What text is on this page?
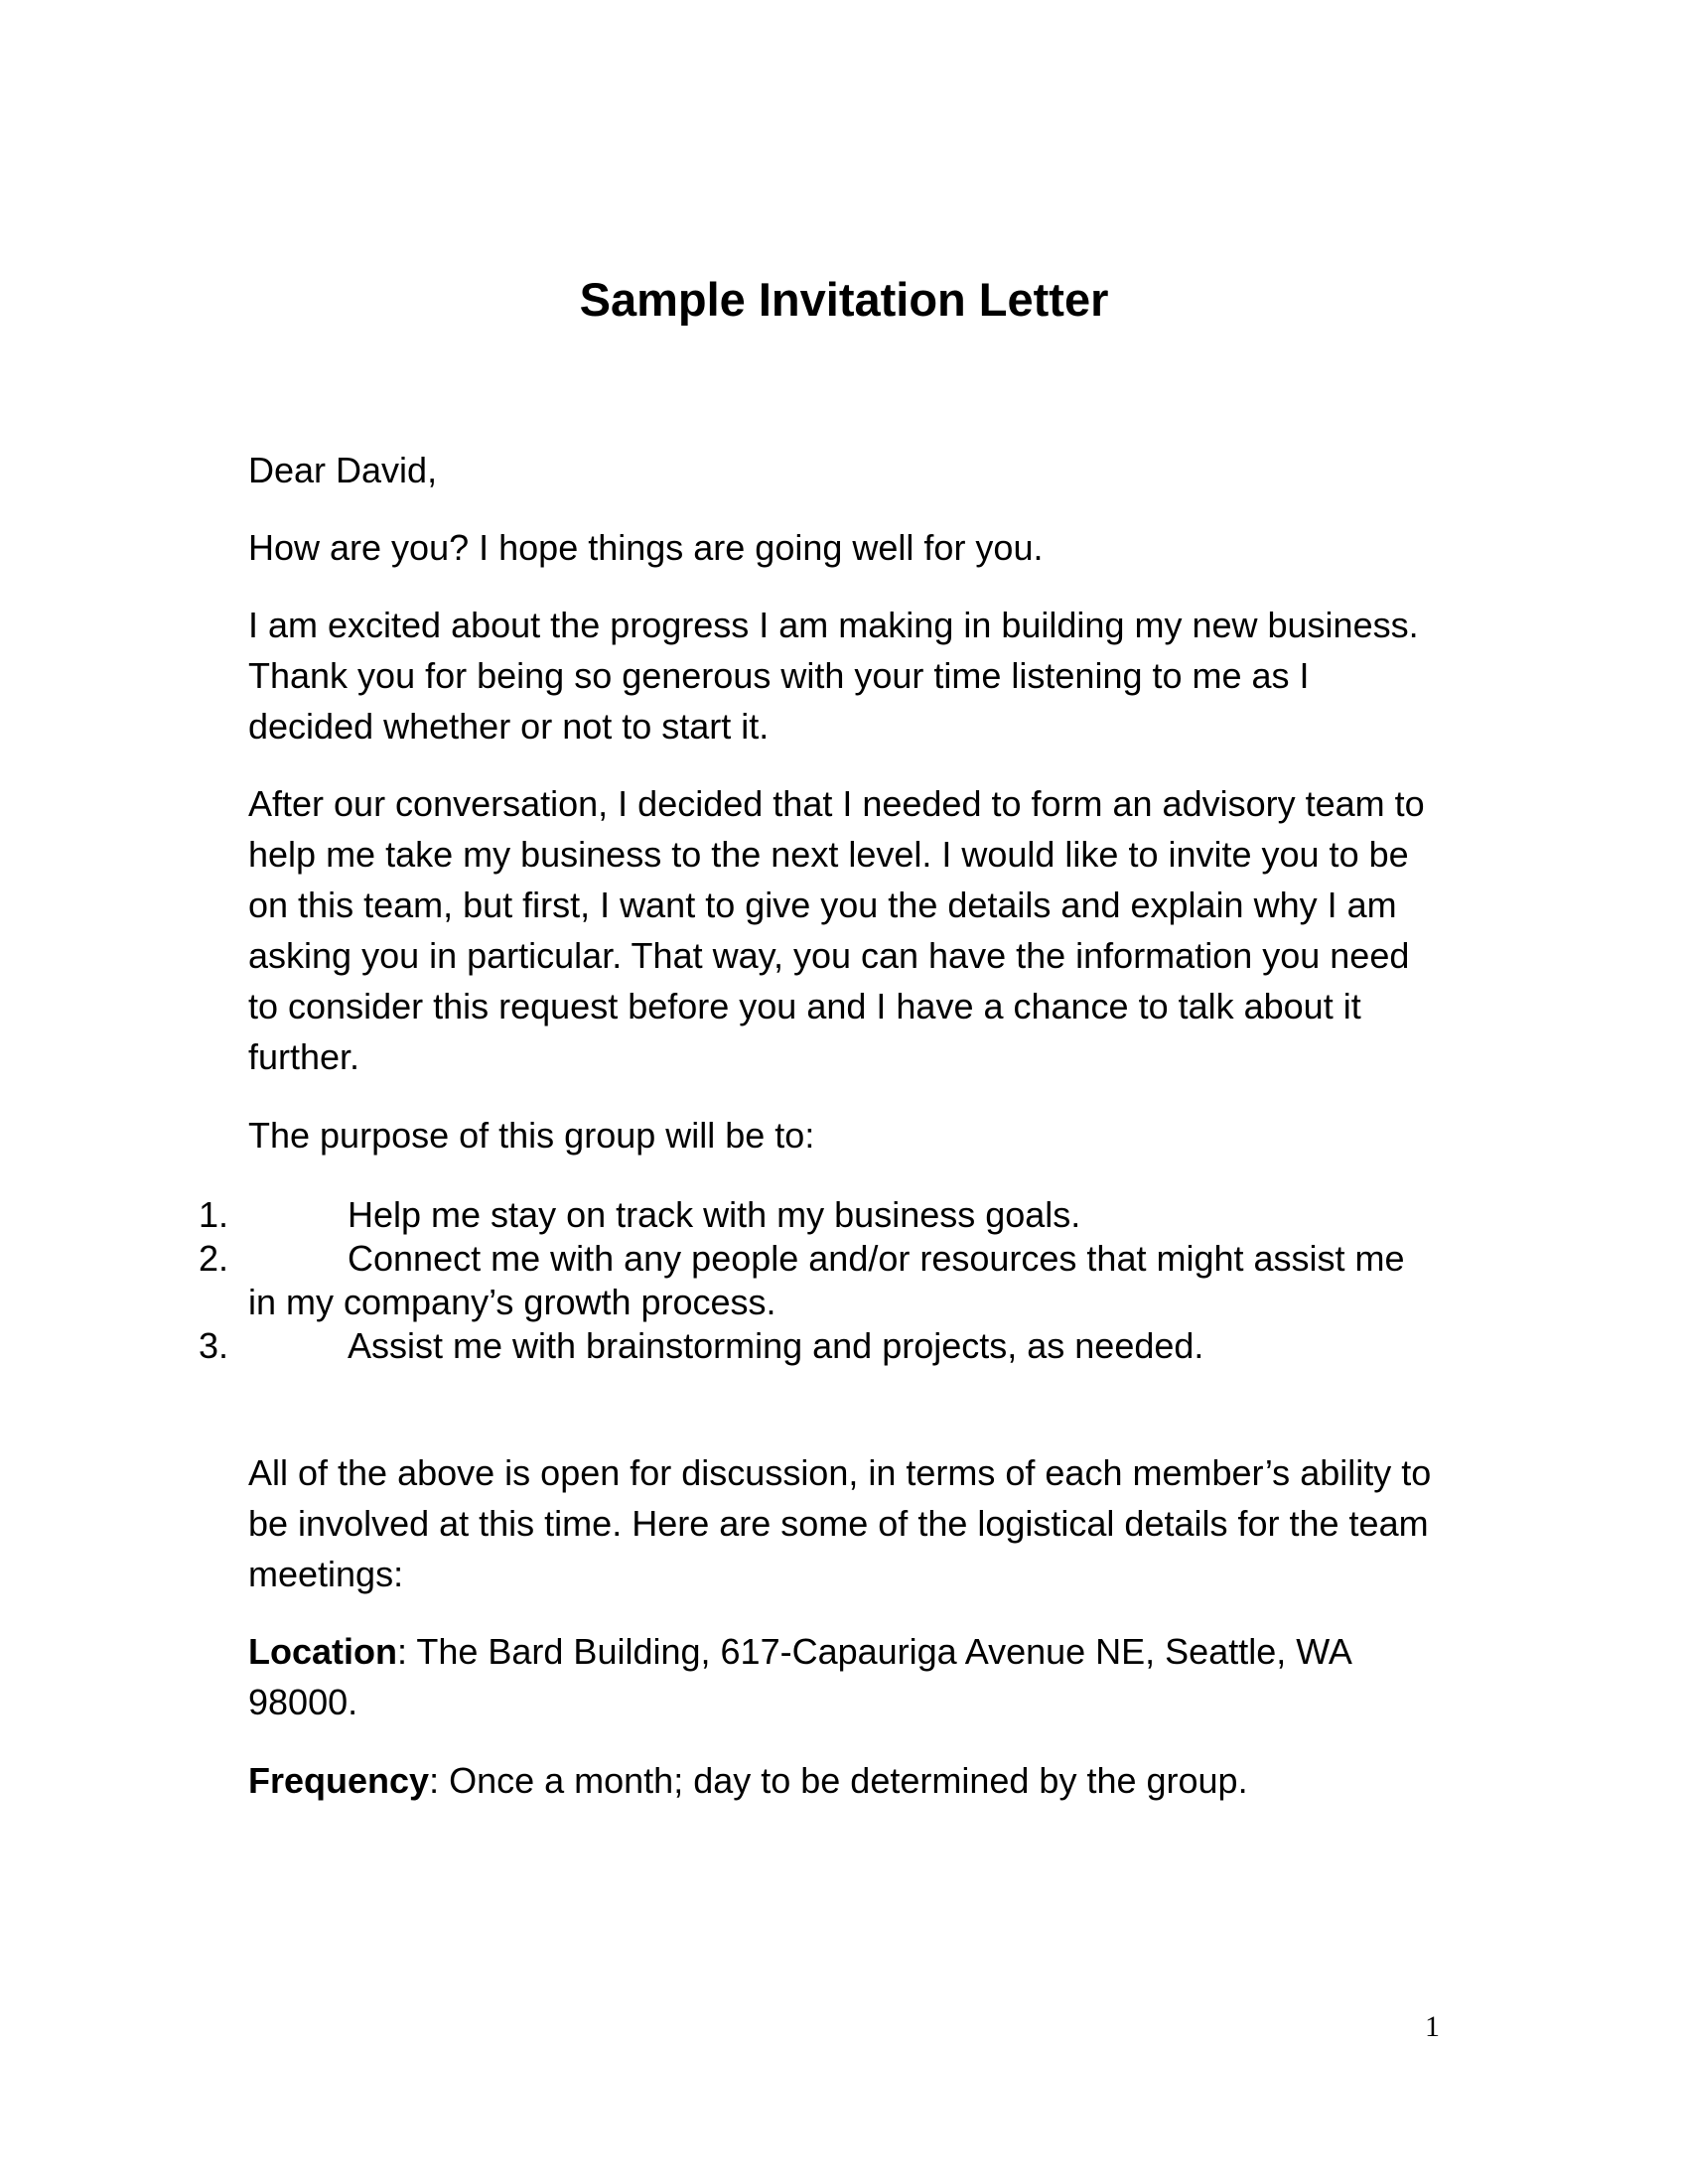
Sample Invitation Letter

Dear David,

How are you? I hope things are going well for you.

I am excited about the progress I am making in building my new business. Thank you for being so generous with your time listening to me as I decided whether or not to start it.

After our conversation, I decided that I needed to form an advisory team to help me take my business to the next level. I would like to invite you to be on this team, but first, I want to give you the details and explain why I am asking you in particular. That way, you can have the information you need to consider this request before you and I have a chance to talk about it further.

The purpose of this group will be to:

1.	Help me stay on track with my business goals.
2.	Connect me with any people and/or resources that might assist me in my company’s growth process.
3.	Assist me with brainstorming and projects, as needed.

All of the above is open for discussion, in terms of each member’s ability to be involved at this time. Here are some of the logistical details for the team meetings:

Location: The Bard Building, 617-Capauriga Avenue NE, Seattle, WA 98000.

Frequency: Once a month; day to be determined by the group.

1
